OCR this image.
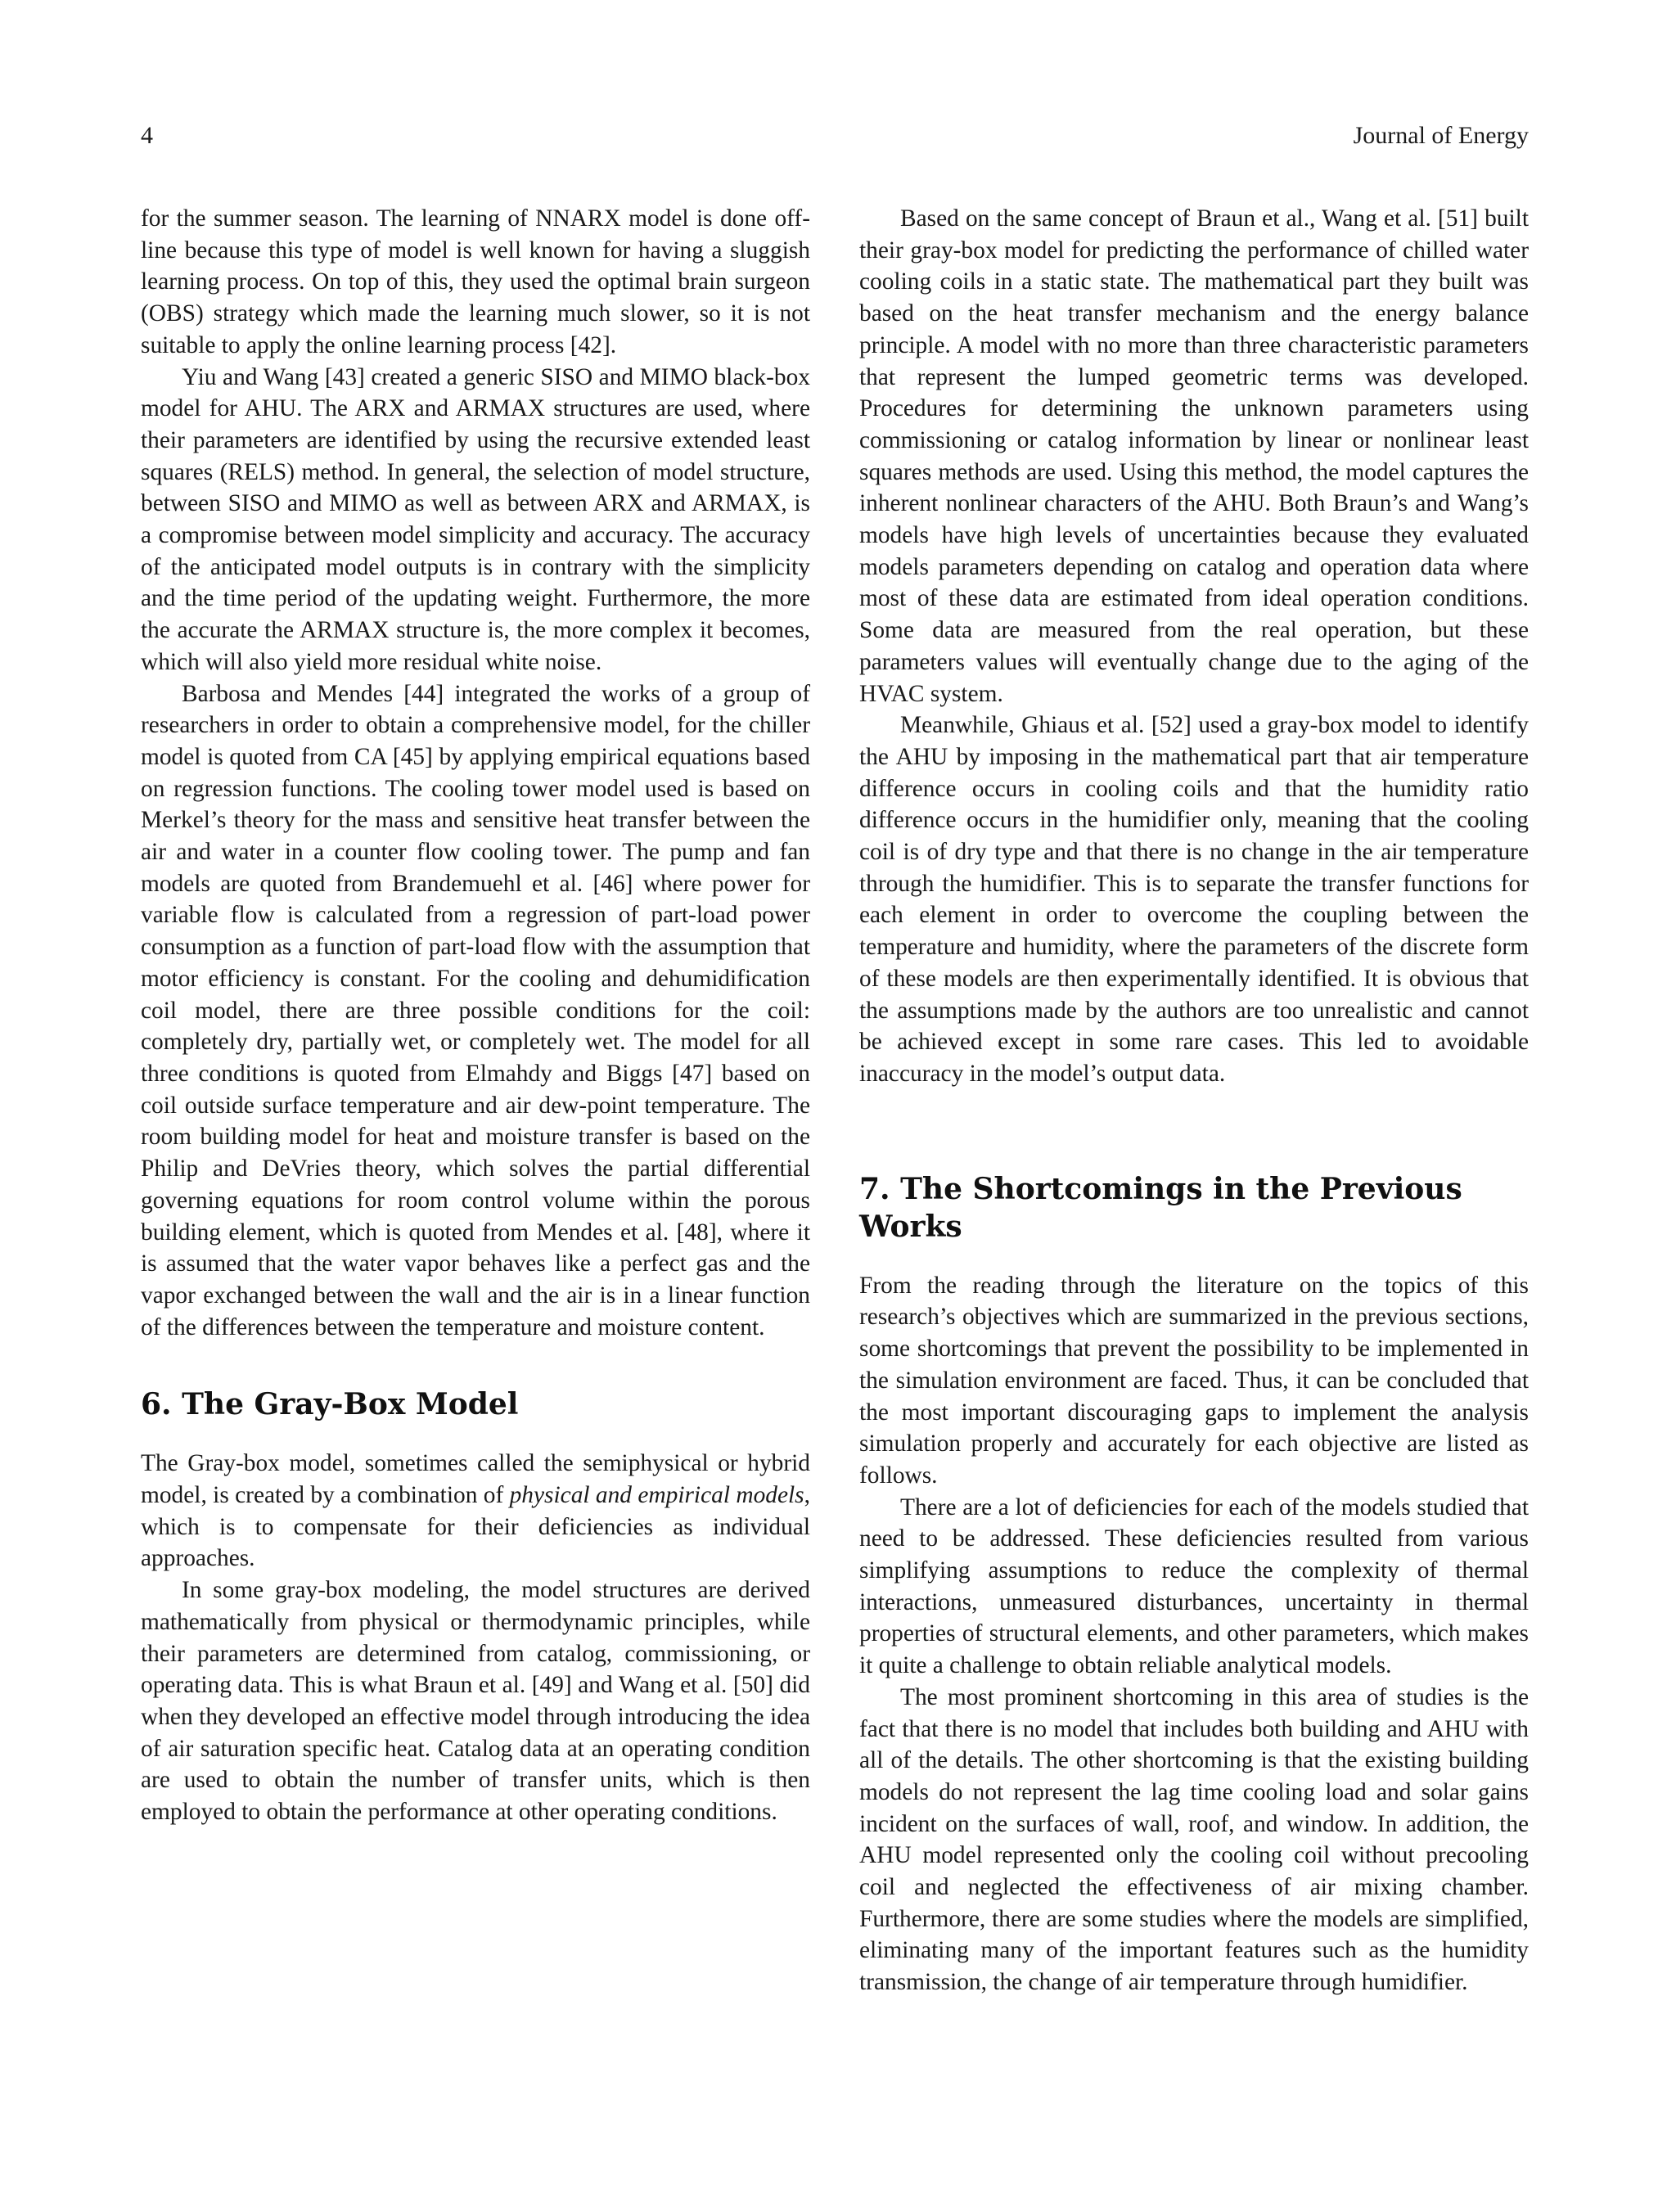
4	Journal of Energy

for the summer season. The learning of NNARX model is done off-line because this type of model is well known for having a sluggish learning process. On top of this, they used the optimal brain surgeon (OBS) strategy which made the learning much slower, so it is not suitable to apply the online learning process [42].

Yiu and Wang [43] created a generic SISO and MIMO black-box model for AHU. The ARX and ARMAX structures are used, where their parameters are identified by using the recursive extended least squares (RELS) method. In general, the selection of model structure, between SISO and MIMO as well as between ARX and ARMAX, is a compromise between model simplicity and accuracy. The accuracy of the anticipated model outputs is in contrary with the simplicity and the time period of the updating weight. Furthermore, the more the accurate the ARMAX structure is, the more complex it becomes, which will also yield more residual white noise.

Barbosa and Mendes [44] integrated the works of a group of researchers in order to obtain a comprehensive model, for the chiller model is quoted from CA [45] by applying empirical equations based on regression functions. The cooling tower model used is based on Merkel’s theory for the mass and sensitive heat transfer between the air and water in a counter flow cooling tower. The pump and fan models are quoted from Brandemuehl et al. [46] where power for variable flow is calculated from a regression of part-load power consumption as a function of part-load flow with the assumption that motor efficiency is constant. For the cooling and dehumidification coil model, there are three possible conditions for the coil: completely dry, partially wet, or completely wet. The model for all three conditions is quoted from Elmahdy and Biggs [47] based on coil outside surface temperature and air dew-point temperature. The room building model for heat and moisture transfer is based on the Philip and DeVries theory, which solves the partial differential governing equations for room control volume within the porous building element, which is quoted from Mendes et al. [48], where it is assumed that the water vapor behaves like a perfect gas and the vapor exchanged between the wall and the air is in a linear function of the differences between the temperature and moisture content.

6. The Gray-Box Model

The Gray-box model, sometimes called the semiphysical or hybrid model, is created by a combination of physical and empirical models, which is to compensate for their deficiencies as individual approaches.

In some gray-box modeling, the model structures are derived mathematically from physical or thermodynamic principles, while their parameters are determined from catalog, commissioning, or operating data. This is what Braun et al. [49] and Wang et al. [50] did when they developed an effective model through introducing the idea of air saturation specific heat. Catalog data at an operating condition are used to obtain the number of transfer units, which is then employed to obtain the performance at other operating conditions.

Based on the same concept of Braun et al., Wang et al. [51] built their gray-box model for predicting the performance of chilled water cooling coils in a static state. The mathematical part they built was based on the heat transfer mechanism and the energy balance principle. A model with no more than three characteristic parameters that represent the lumped geometric terms was developed. Procedures for determining the unknown parameters using commissioning or catalog information by linear or nonlinear least squares methods are used. Using this method, the model captures the inherent nonlinear characters of the AHU. Both Braun’s and Wang’s models have high levels of uncertainties because they evaluated models parameters depending on catalog and operation data where most of these data are estimated from ideal operation conditions. Some data are measured from the real operation, but these parameters values will eventually change due to the aging of the HVAC system.

Meanwhile, Ghiaus et al. [52] used a gray-box model to identify the AHU by imposing in the mathematical part that air temperature difference occurs in cooling coils and that the humidity ratio difference occurs in the humidifier only, meaning that the cooling coil is of dry type and that there is no change in the air temperature through the humidifier. This is to separate the transfer functions for each element in order to overcome the coupling between the temperature and humidity, where the parameters of the discrete form of these models are then experimentally identified. It is obvious that the assumptions made by the authors are too unrealistic and cannot be achieved except in some rare cases. This led to avoidable inaccuracy in the model’s output data.

7. The Shortcomings in the Previous Works

From the reading through the literature on the topics of this research’s objectives which are summarized in the previous sections, some shortcomings that prevent the possibility to be implemented in the simulation environment are faced. Thus, it can be concluded that the most important discouraging gaps to implement the analysis simulation properly and accurately for each objective are listed as follows.

There are a lot of deficiencies for each of the models studied that need to be addressed. These deficiencies resulted from various simplifying assumptions to reduce the complexity of thermal interactions, unmeasured disturbances, uncertainty in thermal properties of structural elements, and other parameters, which makes it quite a challenge to obtain reliable analytical models.

The most prominent shortcoming in this area of studies is the fact that there is no model that includes both building and AHU with all of the details. The other shortcoming is that the existing building models do not represent the lag time cooling load and solar gains incident on the surfaces of wall, roof, and window. In addition, the AHU model represented only the cooling coil without precooling coil and neglected the effectiveness of air mixing chamber. Furthermore, there are some studies where the models are simplified, eliminating many of the important features such as the humidity transmission, the change of air temperature through humidifier.
